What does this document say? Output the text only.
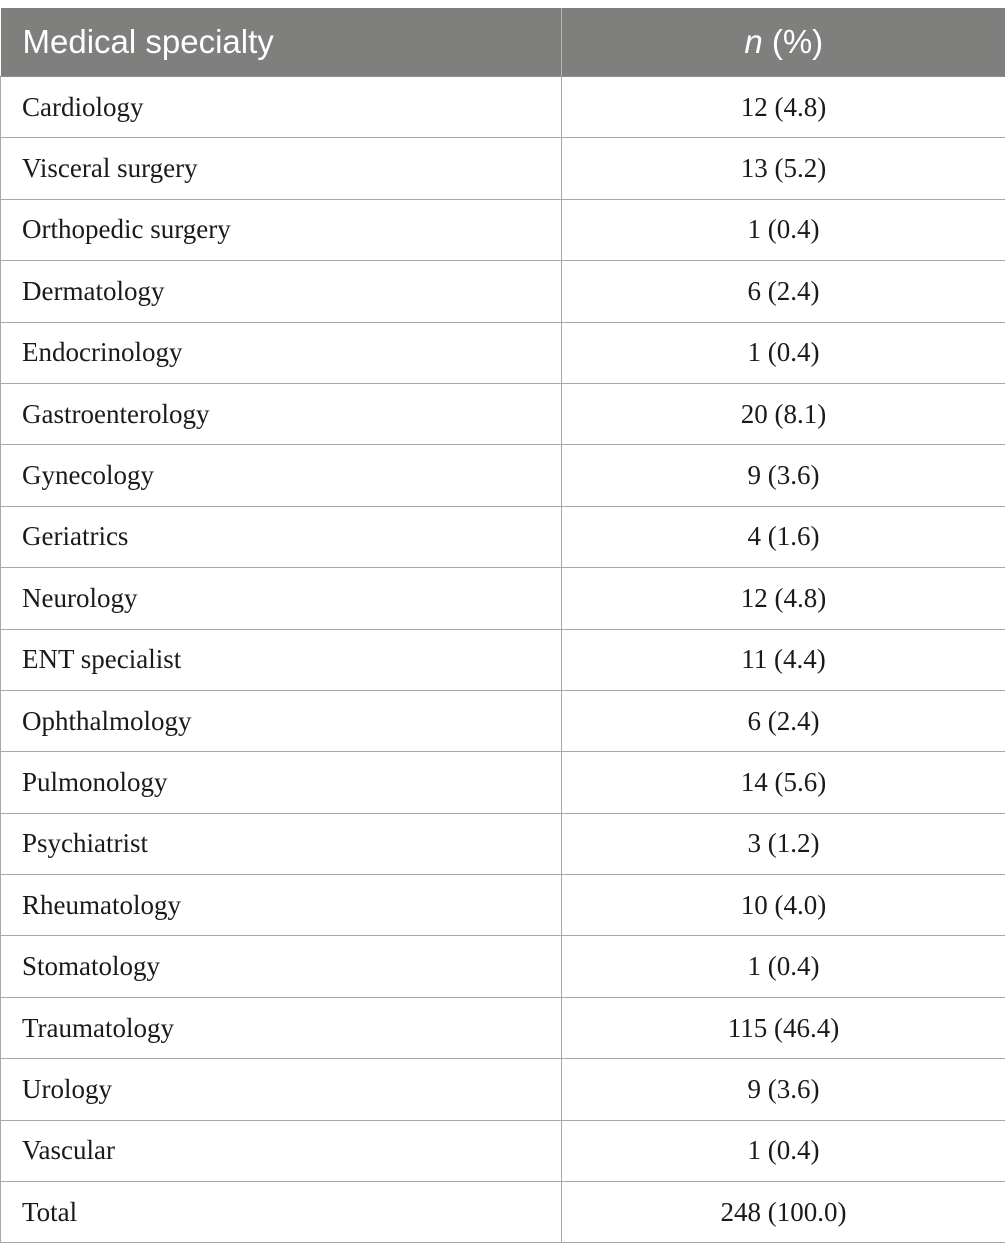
Medical specialty	n (%)
Cardiology	12 (4.8)
Visceral surgery	13 (5.2)
Orthopedic surgery	1 (0.4)
Dermatology	6 (2.4)
Endocrinology	1 (0.4)
Gastroenterology	20 (8.1)
Gynecology	9 (3.6)
Geriatrics	4 (1.6)
Neurology	12 (4.8)
ENT specialist	11 (4.4)
Ophthalmology	6 (2.4)
Pulmonology	14 (5.6)
Psychiatrist	3 (1.2)
Rheumatology	10 (4.0)
Stomatology	1 (0.4)
Traumatology	115 (46.4)
Urology	9 (3.6)
Vascular	1 (0.4)
Total	248 (100.0)
